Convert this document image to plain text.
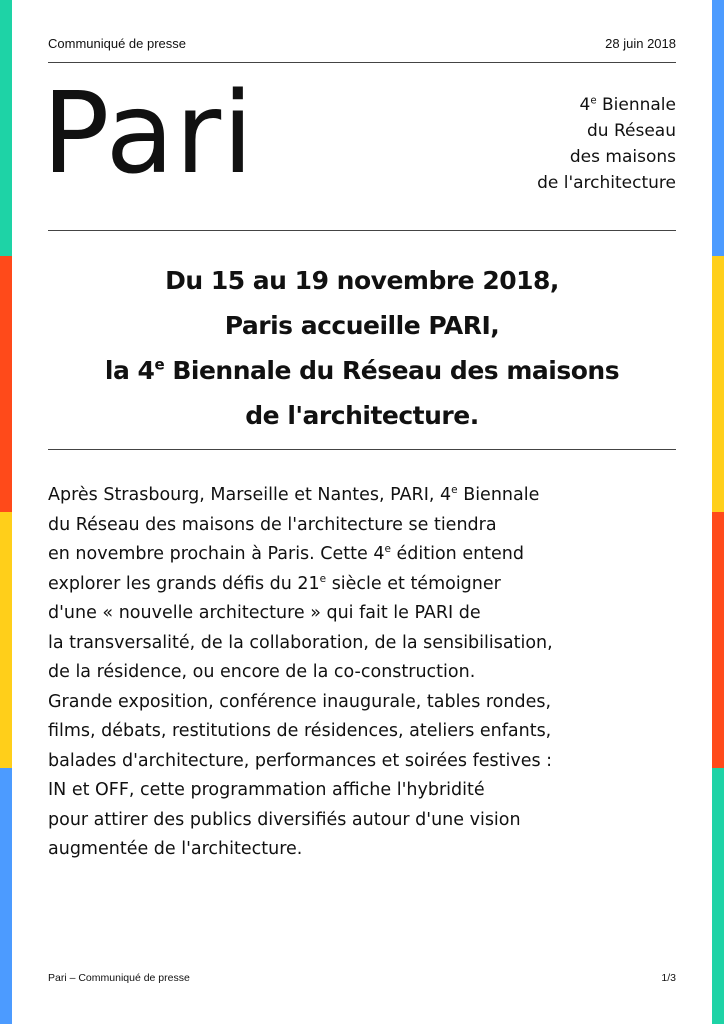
Communiqué de presse	28 juin 2018
Pari	4e Biennale
du Réseau
des maisons
de l'architecture
Du 15 au 19 novembre 2018,
Paris accueille PARI,
la 4e Biennale du Réseau des maisons
de l'architecture.
Après Strasbourg, Marseille et Nantes, PARI, 4e Biennale
du Réseau des maisons de l'architecture se tiendra
en novembre prochain à Paris. Cette 4e édition entend
explorer les grands défis du 21e siècle et témoigner
d'une « nouvelle architecture » qui fait le PARI de
la transversalité, de la collaboration, de la sensibilisation,
de la résidence, ou encore de la co-construction.
Grande exposition, conférence inaugurale, tables rondes,
films, débats, restitutions de résidences, ateliers enfants,
balades d'architecture, performances et soirées festives :
IN et OFF, cette programmation affiche l'hybridité
pour attirer des publics diversifiés autour d'une vision
augmentée de l'architecture.
Pari – Communiqué de presse	1/3
